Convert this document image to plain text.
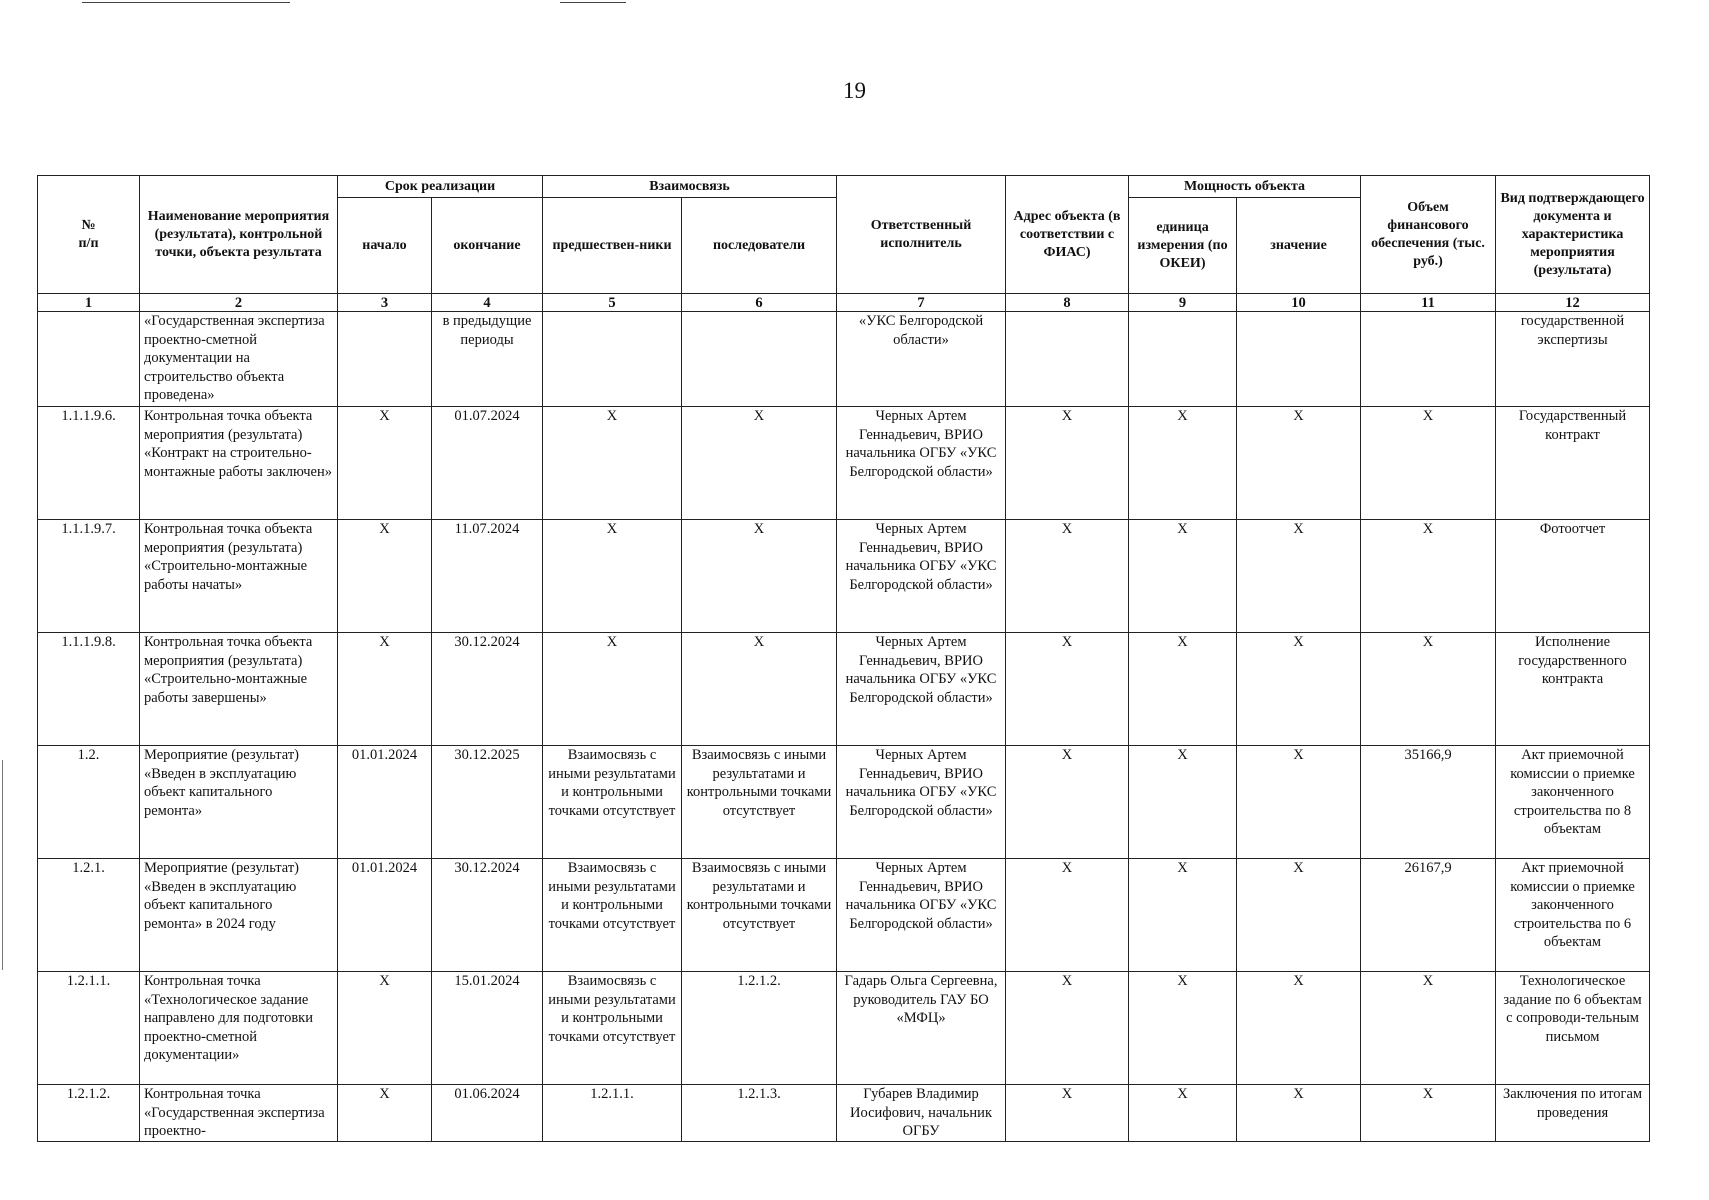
19
№
п/п	Наименование мероприятия (результата), контрольной точки, объекта результата	Срок реализации		Взаимосвязь		Ответственный исполнитель	Адрес объекта (в соответствии с ФИАС)	Мощность объекта		Объем финансового обеспечения (тыс. руб.)	Вид подтверждающего документа и характеристика мероприятия (результата)
		начало	окончание	предшествен-ники	последователи			единица измерения (по ОКЕИ)	значение		
1	2	3	4	5	6	7	8	9	10	11	12
	«Государственная экспертиза проектно-сметной документации на строительство объекта проведена»		в предыдущие периоды			«УКС Белгородской области»					государственной экспертизы
1.1.1.9.6.	Контрольная точка объекта мероприятия (результата) «Контракт на строительно-монтажные работы заключен»	X	01.07.2024	X	X	Черных Артем Геннадьевич, ВРИО начальника ОГБУ «УКС Белгородской области»	X	X	X	X	Государственный контракт
1.1.1.9.7.	Контрольная точка объекта мероприятия (результата) «Строительно-монтажные работы начаты»	X	11.07.2024	X	X	Черных Артем Геннадьевич, ВРИО начальника ОГБУ «УКС Белгородской области»	X	X	X	X	Фотоотчет
1.1.1.9.8.	Контрольная точка объекта мероприятия (результата) «Строительно-монтажные работы завершены»	X	30.12.2024	X	X	Черных Артем Геннадьевич, ВРИО начальника ОГБУ «УКС Белгородской области»	X	X	X	X	Исполнение государственного контракта
1.2.	Мероприятие (результат) «Введен в эксплуатацию объект капитального ремонта»	01.01.2024	30.12.2025	Взаимосвязь с иными результатами и контрольными точками отсутствует	Взаимосвязь с иными результатами и контрольными точками отсутствует	Черных Артем Геннадьевич, ВРИО начальника ОГБУ «УКС Белгородской области»	X	X	X	35166,9	Акт приемочной комиссии о приемке законченного строительства по 8 объектам
1.2.1.	Мероприятие (результат) «Введен в эксплуатацию объект капитального ремонта» в 2024 году	01.01.2024	30.12.2024	Взаимосвязь с иными результатами и контрольными точками отсутствует	Взаимосвязь с иными результатами и контрольными точками отсутствует	Черных Артем Геннадьевич, ВРИО начальника ОГБУ «УКС Белгородской области»	X	X	X	26167,9	Акт приемочной комиссии о приемке законченного строительства по 6 объектам
1.2.1.1.	Контрольная точка «Технологическое задание направлено для подготовки проектно-сметной документации»	X	15.01.2024	Взаимосвязь с иными результатами и контрольными точками отсутствует	1.2.1.2.	Гадарь Ольга Сергеевна, руководитель ГАУ БО «МФЦ»	X	X	X	X	Технологическое задание по 6 объектам с сопроводи-тельным письмом
1.2.1.2.	Контрольная точка «Государственная экспертиза проектно-	X	01.06.2024	1.2.1.1.	1.2.1.3.	Губарев Владимир Иосифович, начальник ОГБУ	X	X	X	X	Заключения по итогам проведения
